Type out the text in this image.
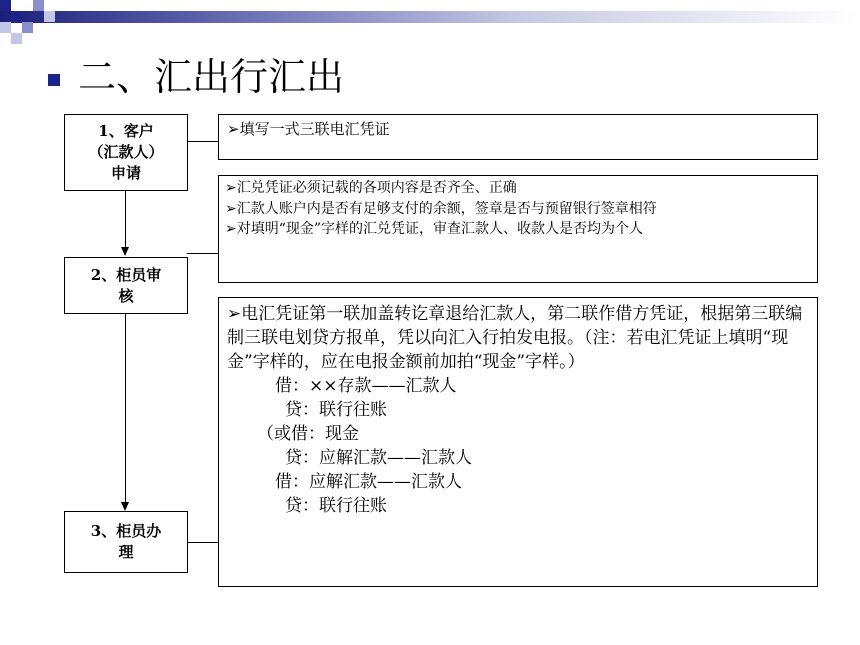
二、汇出行汇出
1、客户
（汇款人）
申请
2、柜员审
核
3、柜员办
理
➢填写一式三联电汇凭证
➢汇兑凭证必须记载的各项内容是否齐全、正确
➢汇款人账户内是否有足够支付的余额，签章是否与预留银行签章相符
➢对填明“现金”字样的汇兑凭证，审查汇款人、收款人是否均为个人
➢电汇凭证第一联加盖转讫章退给汇款人，第二联作借方凭证，根据第三联编制三联电划贷方报单，凭以向汇入行拍发电报。（注：若电汇凭证上填明“现金”字样的，应在电报金额前加拍“现金”字样。）
借：××存款——汇款人
贷：联行往账
（或借：现金
贷：应解汇款——汇款人
借：应解汇款——汇款人
贷：联行往账
